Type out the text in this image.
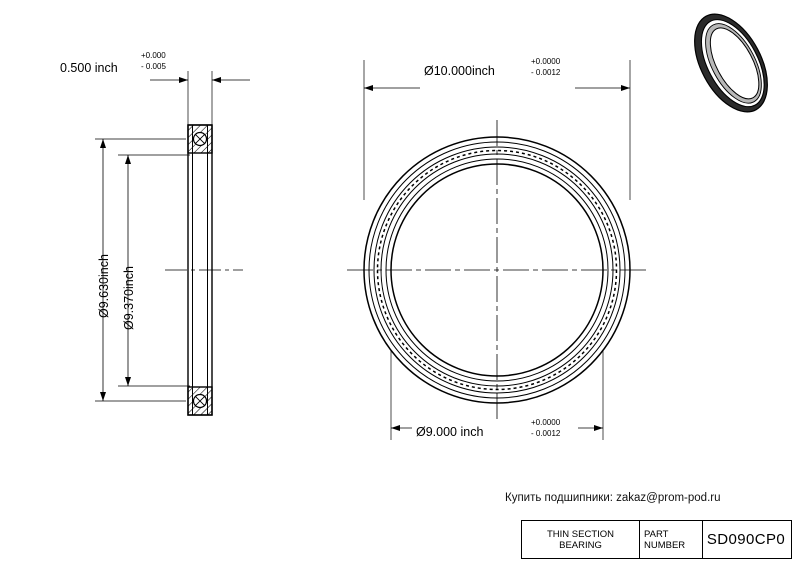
0.500 inch
+0.000
- 0.005
Ø9.630inch Ø9.370inch
Ø10.000inch
+0.0000
- 0.0012
Ø9.000 inch
+0.0000
- 0.0012
Купить подшипники: zakaz@prom-pod.ru
THIN SECTION
BEARING
PART
NUMBER	SD090CP0
